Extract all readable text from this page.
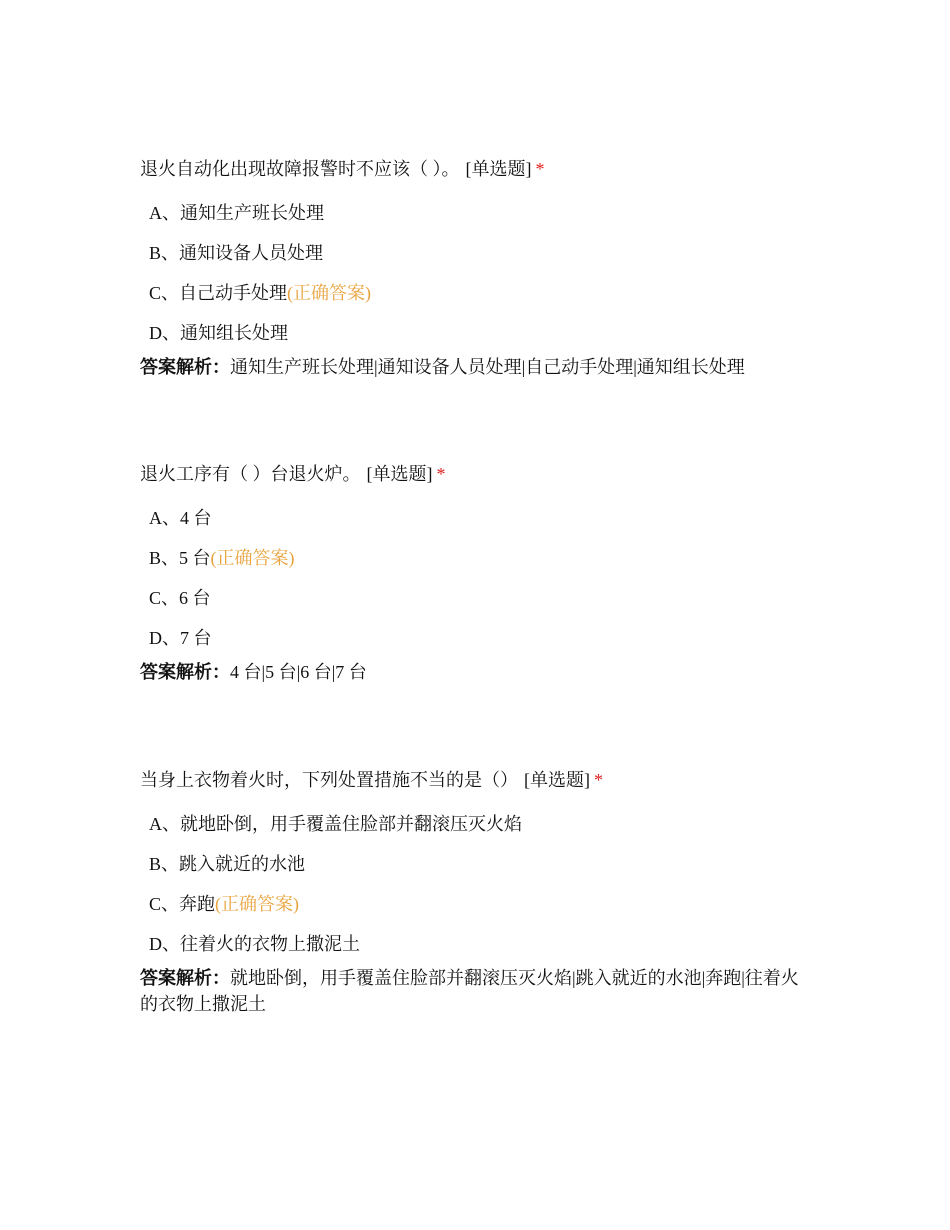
退火自动化出现故障报警时不应该（ ）。 [单选题] *

A、通知生产班长处理
B、通知设备人员处理
C、自己动手处理(正确答案)
D、通知组长处理
答案解析：通知生产班长处理|通知设备人员处理|自己动手处理|通知组长处理

退火工序有（ ）台退火炉。 [单选题] *

A、4 台
B、5 台(正确答案)
C、6 台
D、7 台
答案解析：4 台|5 台|6 台|7 台

当身上衣物着火时，下列处置措施不当的是（） [单选题] *

A、就地卧倒，用手覆盖住脸部并翻滚压灭火焰
B、跳入就近的水池
C、奔跑(正确答案)
D、往着火的衣物上撒泥土
答案解析：就地卧倒，用手覆盖住脸部并翻滚压灭火焰|跳入就近的水池|奔跑|往着火的衣物上撒泥土
